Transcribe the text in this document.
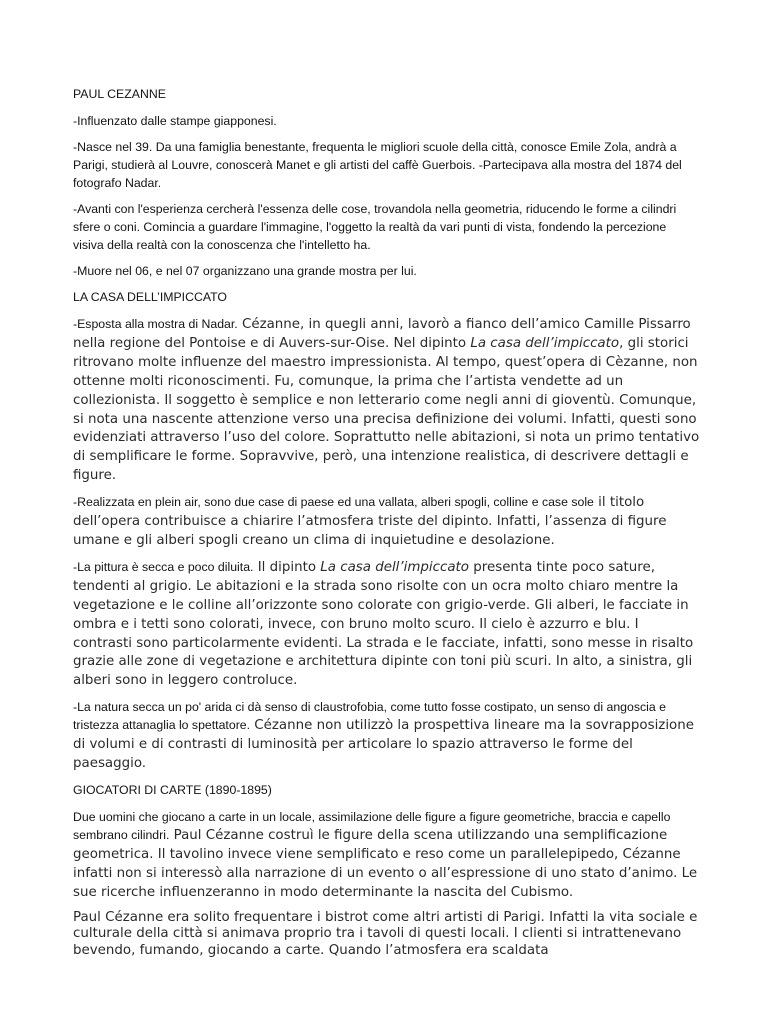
PAUL CEZANNE

-Influenzato dalle stampe giapponesi.

-Nasce nel 39. Da una famiglia benestante, frequenta le migliori scuole della città, conosce Emile Zola, andrà a Parigi, studierà al Louvre, conoscerà Manet e gli artisti del caffè Guerbois. -Partecipava alla mostra del 1874 del fotografo Nadar.

-Avanti con l'esperienza cercherà l'essenza delle cose, trovandola nella geometria, riducendo le forme a cilindri sfere o coni. Comincia a guardare l'immagine, l'oggetto la realtà da vari punti di vista, fondendo la percezione visiva della realtà con la conoscenza che l'intelletto ha.

-Muore nel 06, e nel 07 organizzano una grande mostra per lui.

LA CASA DELL’IMPICCATO

-Esposta alla mostra di Nadar. Cézanne, in quegli anni, lavorò a fianco dell’amico Camille Pissarro nella regione del Pontoise e di Auvers-sur-Oise. Nel dipinto La casa dell’impiccato, gli storici ritrovano molte influenze del maestro impressionista. Al tempo, quest’opera di Cèzanne, non ottenne molti riconoscimenti. Fu, comunque, la prima che l’artista vendette ad un collezionista. Il soggetto è semplice e non letterario come negli anni di gioventù. Comunque, si nota una nascente attenzione verso una precisa definizione dei volumi. Infatti, questi sono evidenziati attraverso l’uso del colore. Soprattutto nelle abitazioni, si nota un primo tentativo di semplificare le forme. Sopravvive, però, una intenzione realistica, di descrivere dettagli e figure.

-Realizzata en plein air, sono due case di paese ed una vallata, alberi spogli, colline e case sole il titolo dell’opera contribuisce a chiarire l’atmosfera triste del dipinto. Infatti, l’assenza di figure umane e gli alberi spogli creano un clima di inquietudine e desolazione.

-La pittura è secca e poco diluita. Il dipinto La casa dell’impiccato presenta tinte poco sature, tendenti al grigio. Le abitazioni e la strada sono risolte con un ocra molto chiaro mentre la vegetazione e le colline all’orizzonte sono colorate con grigio-verde. Gli alberi, le facciate in ombra e i tetti sono colorati, invece, con bruno molto scuro. Il cielo è azzurro e blu. I contrasti sono particolarmente evidenti. La strada e le facciate, infatti, sono messe in risalto grazie alle zone di vegetazione e architettura dipinte con toni più scuri. In alto, a sinistra, gli alberi sono in leggero controluce.

-La natura secca un po' arida ci dà senso di claustrofobia, come tutto fosse costipato, un senso di angoscia e tristezza attanaglia lo spettatore. Cézanne non utilizzò la prospettiva lineare ma la sovrapposizione di volumi e di contrasti di luminosità per articolare lo spazio attraverso le forme del paesaggio.

GIOCATORI DI CARTE (1890-1895)

Due uomini che giocano a carte in un locale, assimilazione delle figure a figure geometriche, braccia e capello sembrano cilindri. Paul Cézanne costruì le figure della scena utilizzando una semplificazione geometrica. Il tavolino invece viene semplificato e reso come un parallelepipedo, Cézanne infatti non si interessò alla narrazione di un evento o all’espressione di uno stato d’animo. Le sue ricerche influenzeranno in modo determinante la nascita del Cubismo.

Paul Cézanne era solito frequentare i bistrot come altri artisti di Parigi. Infatti la vita sociale e culturale della città si animava proprio tra i tavoli di questi locali. I clienti si intrattenevano bevendo, fumando, giocando a carte. Quando l’atmosfera era scaldata
